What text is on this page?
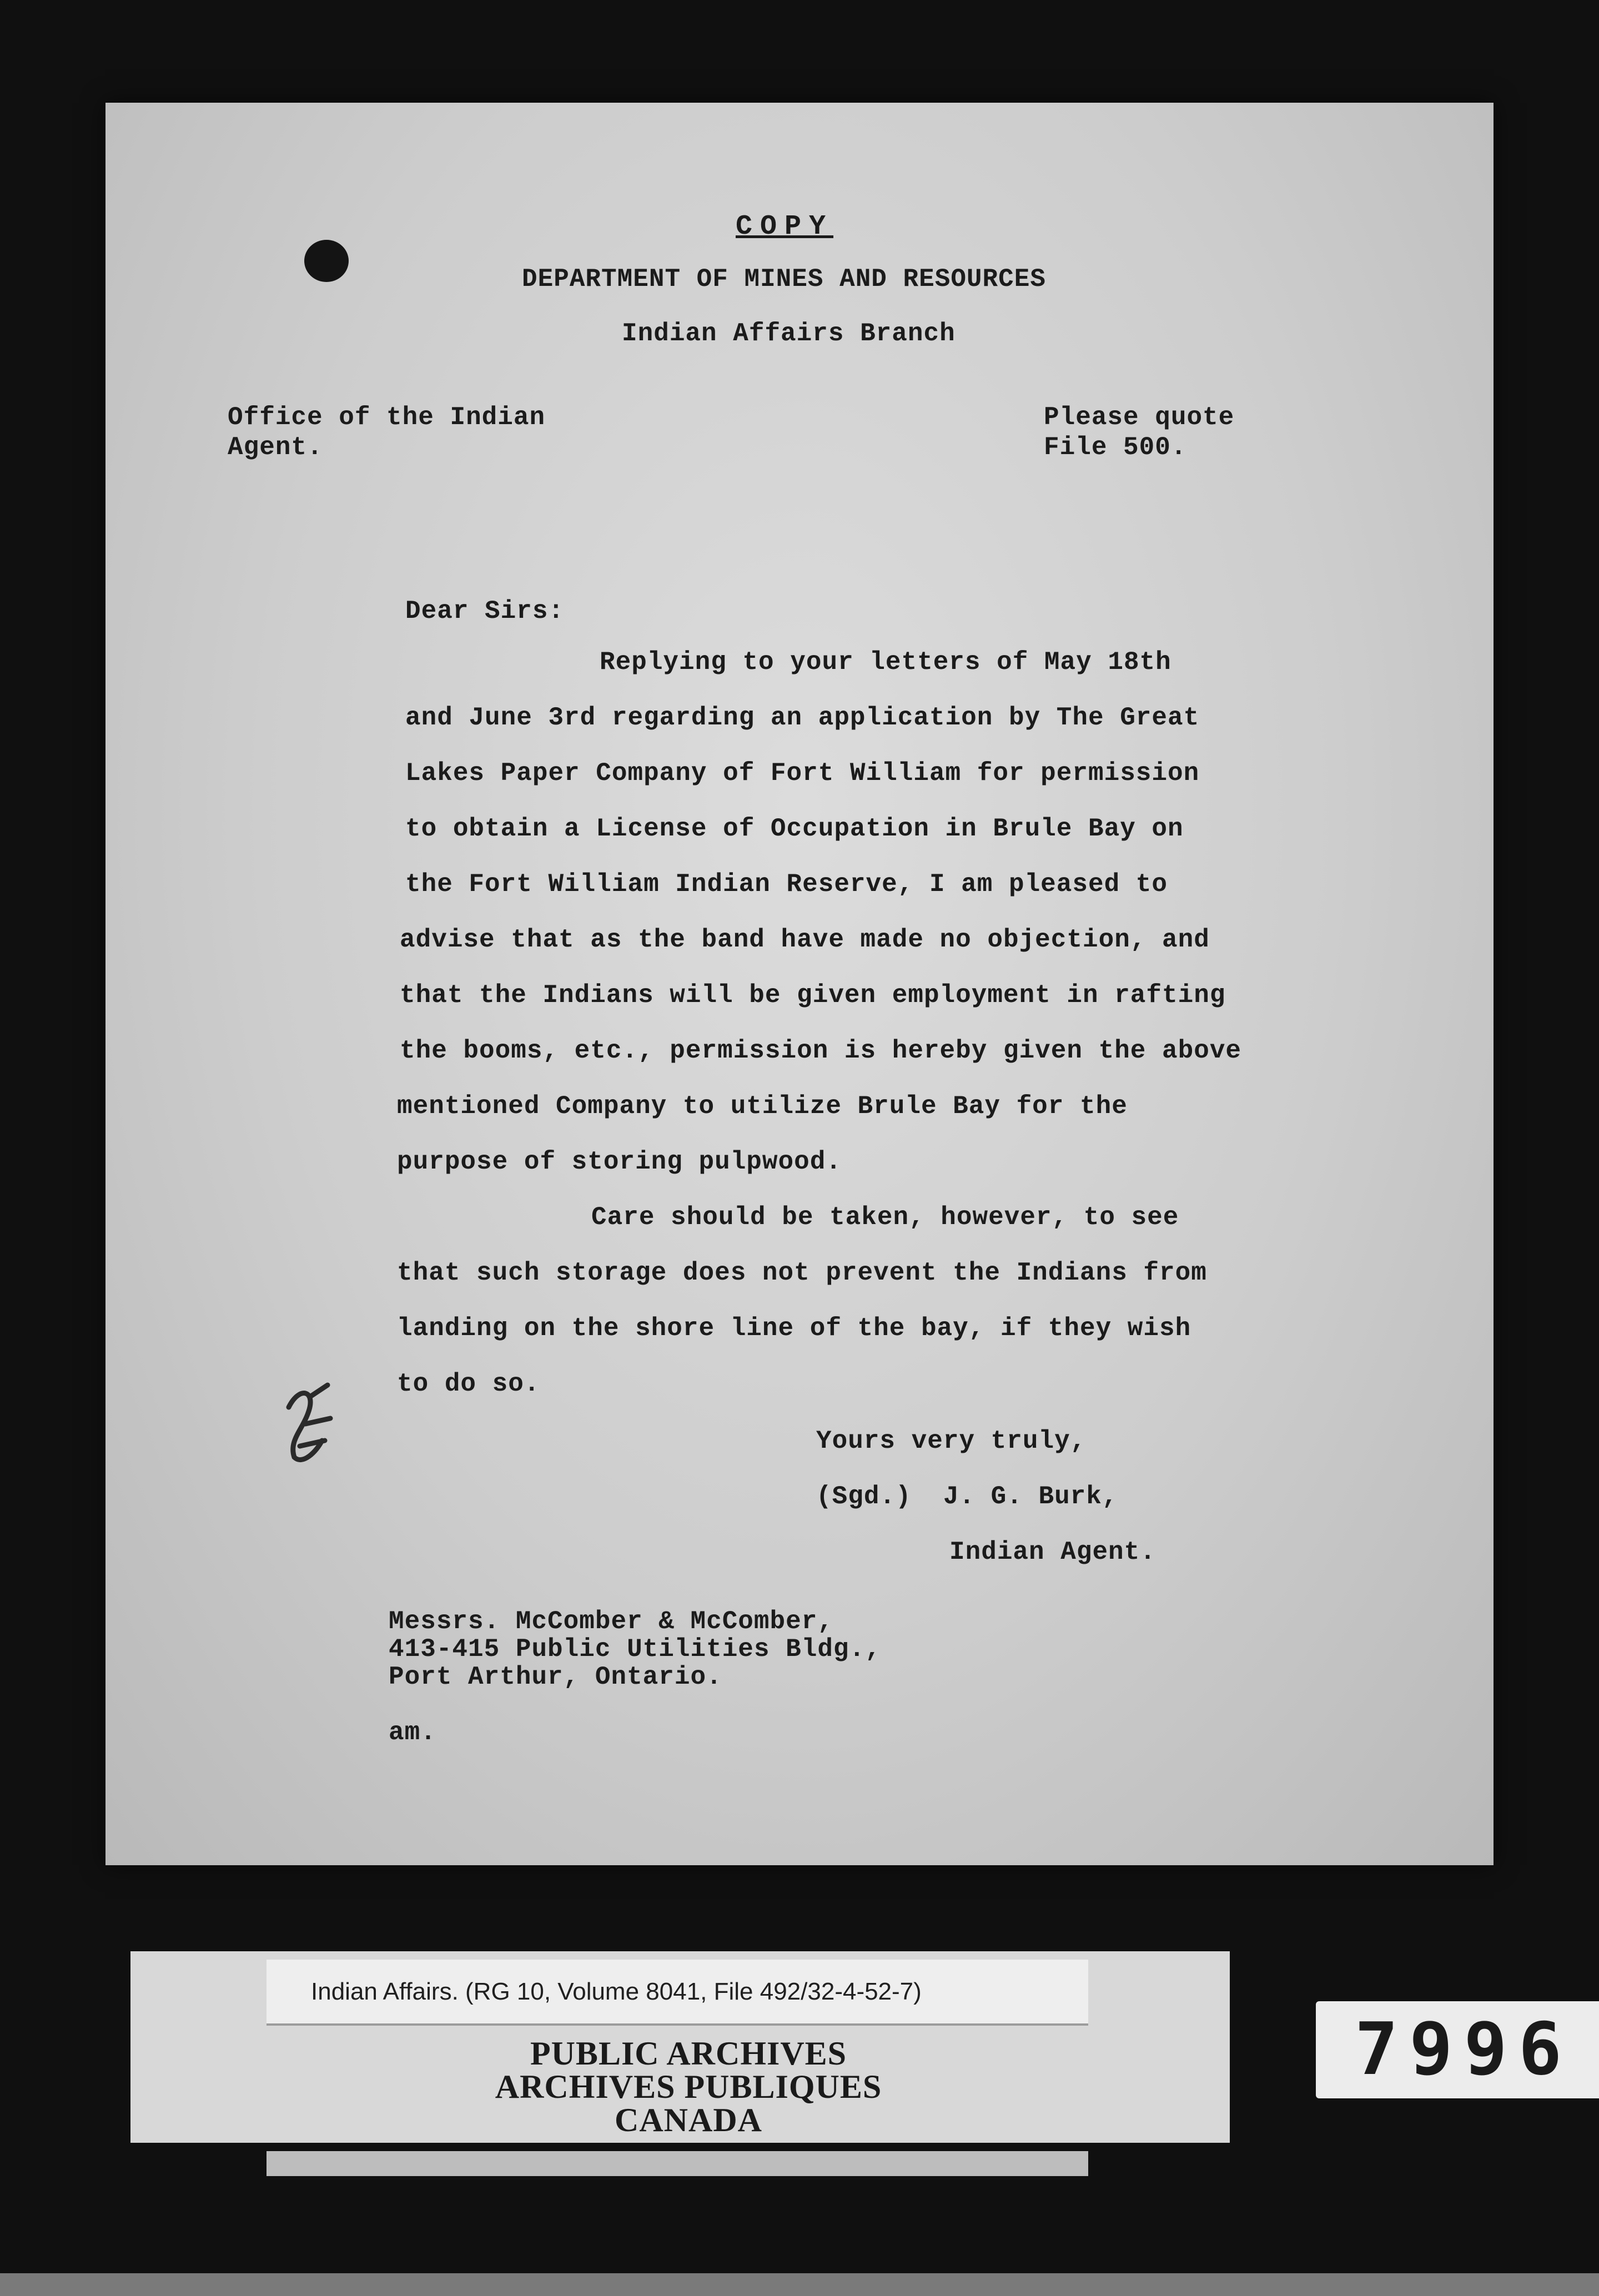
COPY
DEPARTMENT OF MINES AND RESOURCES
Indian Affairs Branch
Office of the Indian
Agent.
Please quote
File 500.
Dear Sirs:
Replying to your letters of May 18th
and June 3rd regarding an application by The Great
Lakes Paper Company of Fort William for permission
to obtain a License of Occupation in Brule Bay on
the Fort William Indian Reserve, I am pleased to
advise that as the band have made no objection, and
that the Indians will be given employment in rafting
the booms, etc., permission is hereby given the above
mentioned Company to utilize Brule Bay for the
purpose of storing pulpwood.
Care should be taken, however, to see
that such storage does not prevent the Indians from
landing on the shore line of the bay, if they wish
to do so.
Yours very truly,
(Sgd.)  J. G. Burk,
Indian Agent.
Messrs. McComber & McComber,
413-415 Public Utilities Bldg.,
Port Arthur, Ontario.
am.
Indian Affairs. (RG 10, Volume 8041, File 492/32-4-52-7)
PUBLIC ARCHIVES
ARCHIVES PUBLIQUES
CANADA
7996
